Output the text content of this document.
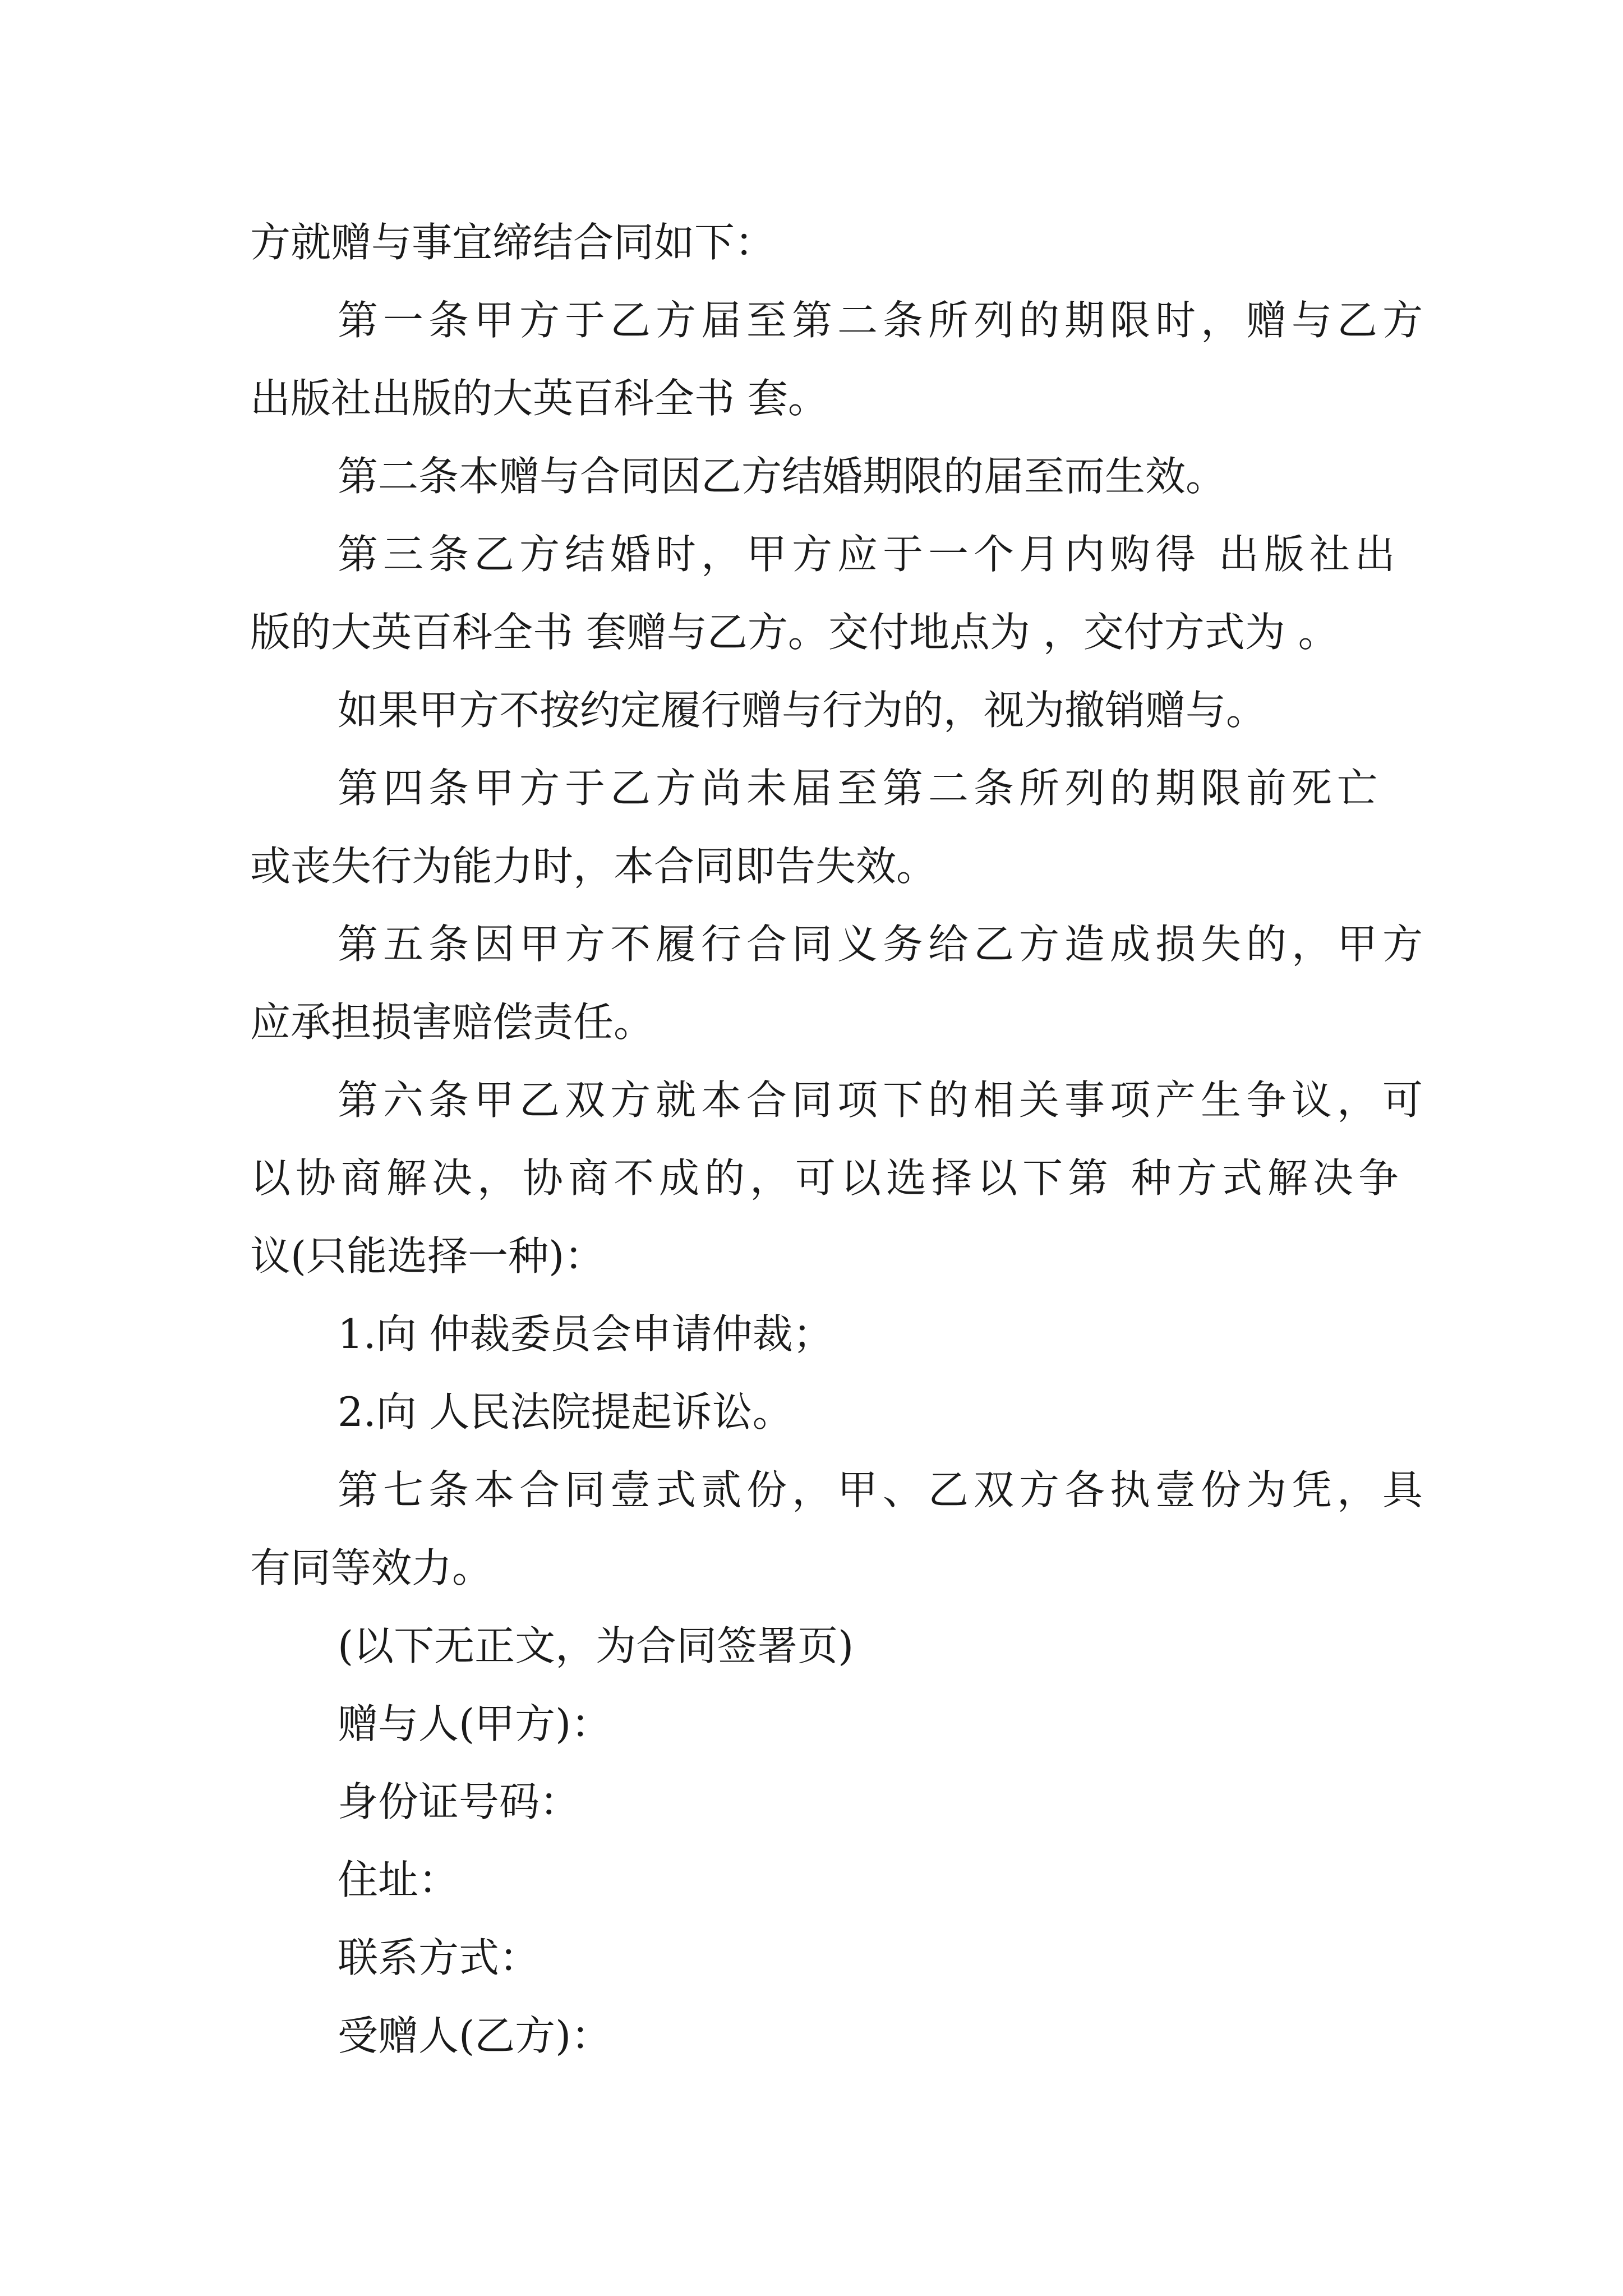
方就赠与事宜缔结合同如下：
第一条甲方于乙方届至第二条所列的期限时，赠与乙方
出版社出版的大英百科全书 套。
第二条本赠与合同因乙方结婚期限的届至而生效。
第三条乙方结婚时，甲方应于一个月内购得 出版社出
版的大英百科全书 套赠与乙方。交付地点为 ，交付方式为 。
如果甲方不按约定履行赠与行为的，视为撤销赠与。
第四条甲方于乙方尚未届至第二条所列的期限前死亡
或丧失行为能力时，本合同即告失效。
第五条因甲方不履行合同义务给乙方造成损失的，甲方
应承担损害赔偿责任。
第六条甲乙双方就本合同项下的相关事项产生争议，可
以协商解决，协商不成的，可以选择以下第 种方式解决争
议(只能选择一种)：
1.向 仲裁委员会申请仲裁；
2.向 人民法院提起诉讼。
第七条本合同壹式贰份，甲、乙双方各执壹份为凭，具
有同等效力。
(以下无正文，为合同签署页)
赠与人(甲方)：
身份证号码：
住址：
联系方式：
受赠人(乙方)：
